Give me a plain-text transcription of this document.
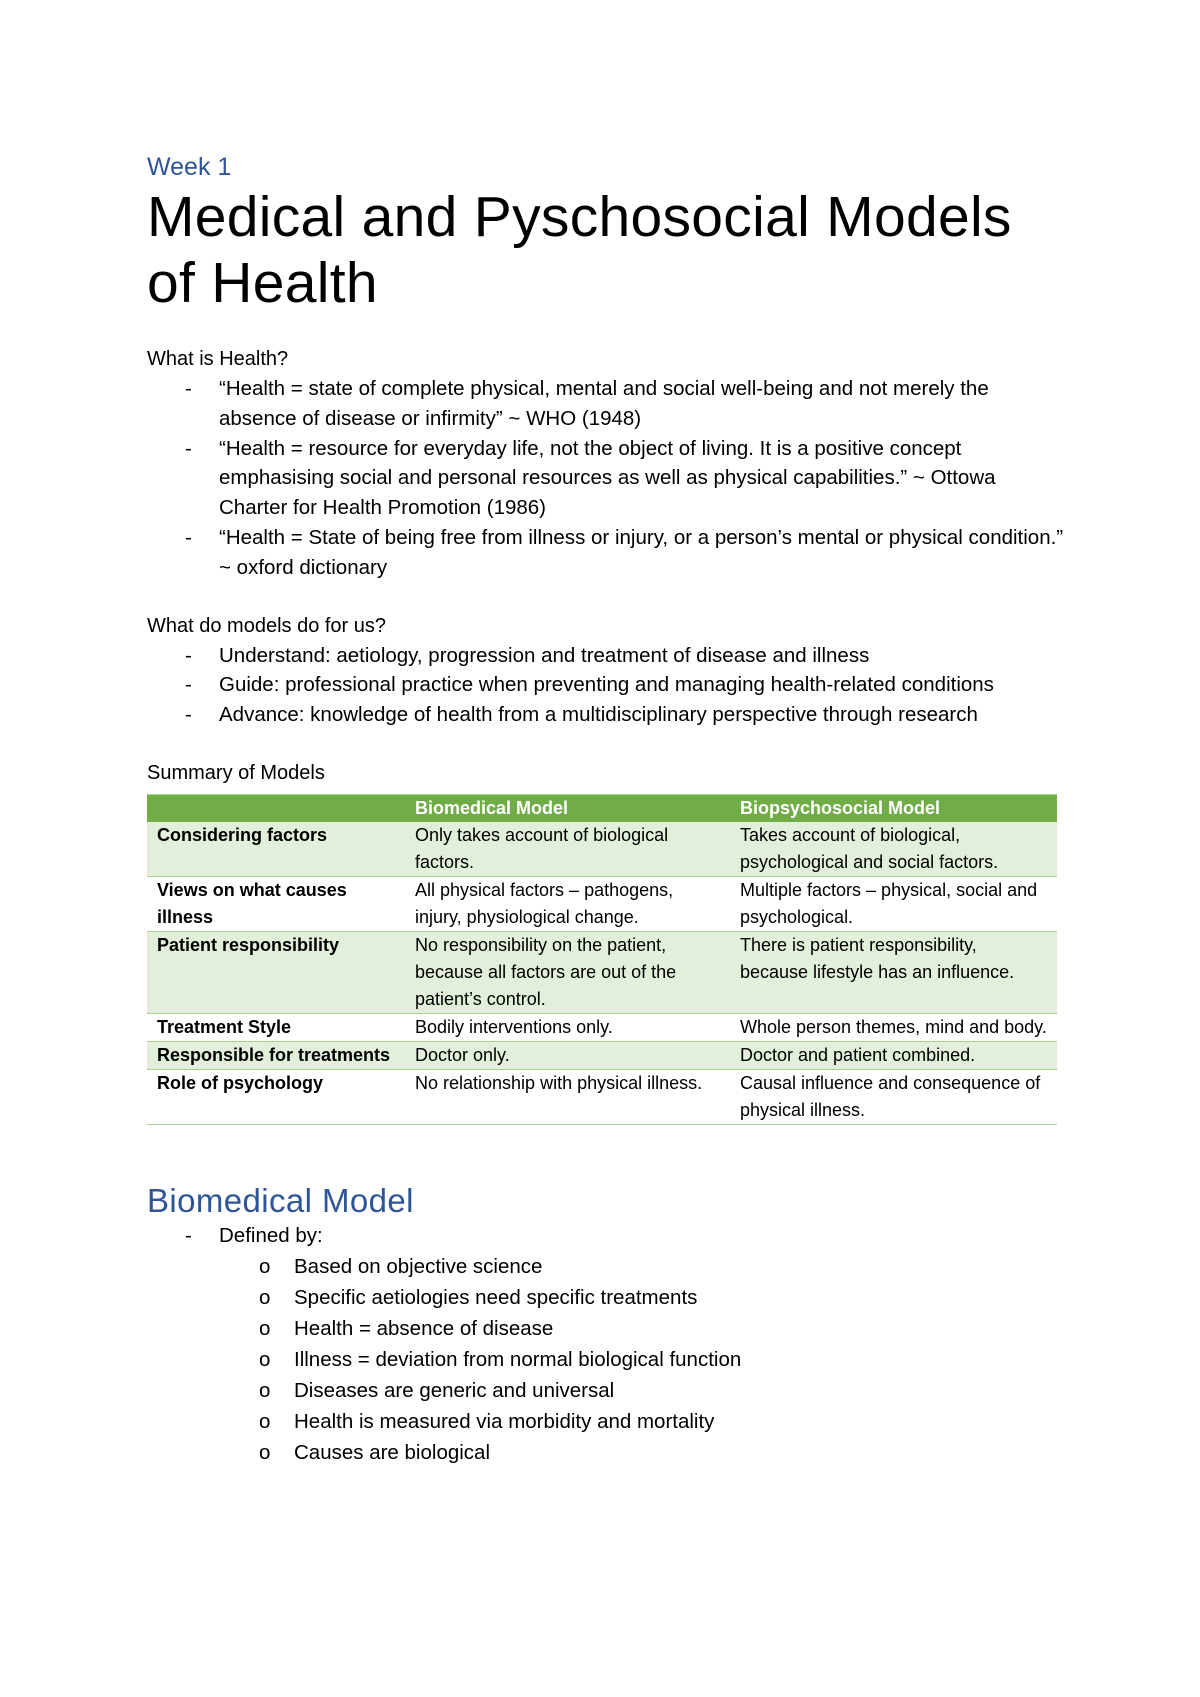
Week 1

Medical and Pyschosocial Models of Health

What is Health?

- “Health = state of complete physical, mental and social well-being and not merely the absence of disease or infirmity” ~ WHO (1948)
- “Health = resource for everyday life, not the object of living. It is a positive concept emphasising social and personal resources as well as physical capabilities.” ~ Ottowa Charter for Health Promotion (1986)
- “Health = State of being free from illness or injury, or a person’s mental or physical condition.” ~ oxford dictionary

What do models do for us?

- Understand: aetiology, progression and treatment of disease and illness
- Guide: professional practice when preventing and managing health-related conditions
- Advance: knowledge of health from a multidisciplinary perspective through research

Summary of Models

	Biomedical Model	Biopsychosocial Model
Considering factors	Only takes account of biological factors.	Takes account of biological, psychological and social factors.
Views on what causes illness	All physical factors – pathogens, injury, physiological change.	Multiple factors – physical, social and psychological.
Patient responsibility	No responsibility on the patient, because all factors are out of the patient’s control.	There is patient responsibility, because lifestyle has an influence.
Treatment Style	Bodily interventions only.	Whole person themes, mind and body.
Responsible for treatments	Doctor only.	Doctor and patient combined.
Role of psychology	No relationship with physical illness.	Causal influence and consequence of physical illness.
Biomedical Model
- Defined by:
o Based on objective science
o Specific aetiologies need specific treatments
o Health = absence of disease
o Illness = deviation from normal biological function
o Diseases are generic and universal
o Health is measured via morbidity and mortality
o Causes are biological
